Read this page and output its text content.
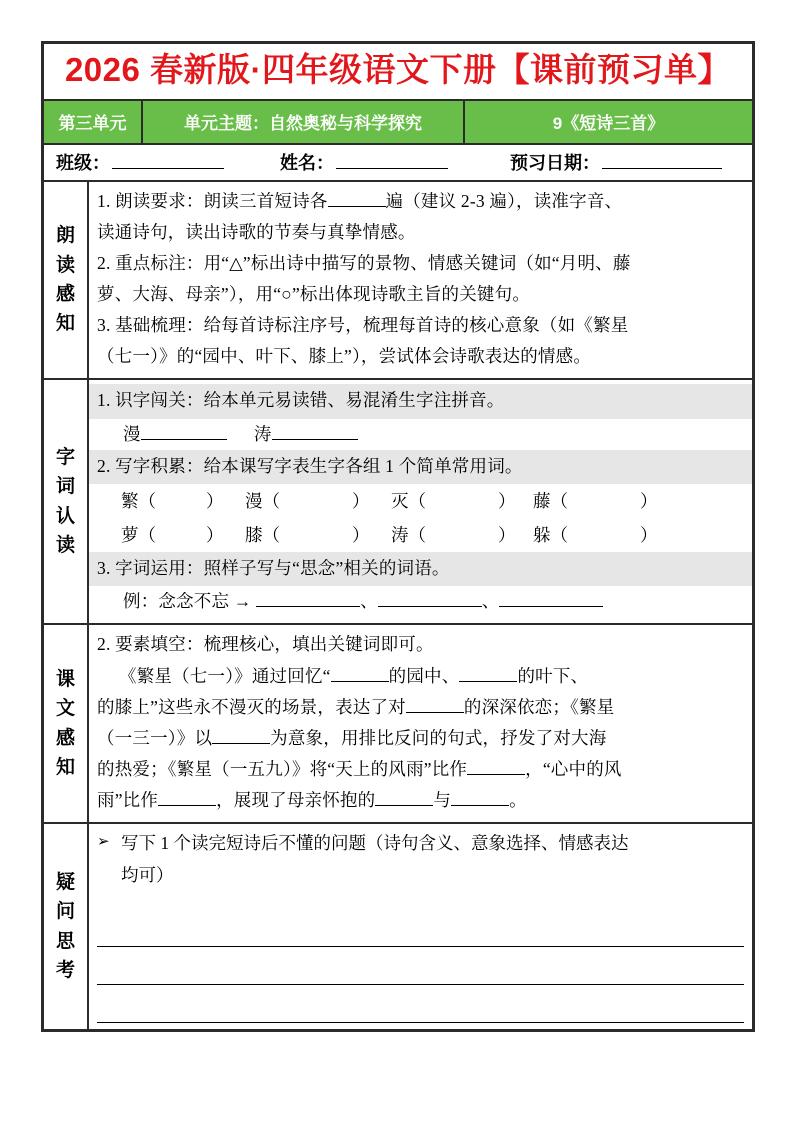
2026 春新版·四年级语文下册【课前预习单】
第三单元	单元主题：自然奥秘与科学探究	9《短诗三首》
班级：	姓名：	预习日期：
朗
读
感
知
1. 朗读要求：朗读三首短诗各	遍（建议 2-3 遍），读准字音、
读通诗句，读出诗歌的节奏与真挚情感。
2. 重点标注：用“△”标出诗中描写的景物、情感关键词（如“月明、藤
萝、大海、母亲”），用“○”标出体现诗歌主旨的关键句。
3. 基础梳理：给每首诗标注序号，梳理每首诗的核心意象（如《繁星
（七一）》的“园中、叶下、膝上”），尝试体会诗歌表达的情感。
字
词
认
读
1. 识字闯关：给本单元易读错、易混淆生字注拼音。
漫	涛
2. 写字积累：给本课写字表生字各组 1 个简单常用词。
繁（	） 漫（	） 灭（	） 藤（	）
萝（	） 膝（	） 涛（	） 躲（	）
3. 字词运用：照样子写与“思念”相关的词语。
例：念念不忘 →	、	、
课
文
感
知
2. 要素填空：梳理核心，填出关键词即可。
《繁星（七一）》通过回忆“	的园中、	的叶下、
的膝上”这些永不漫灭的场景，表达了对	的深深依恋；《繁星
（一三一）》以	为意象，用排比反问的句式，抒发了对大海
的热爱；《繁星（一五九）》将“天上的风雨”比作	，“心中的风
雨”比作	，展现了母亲怀抱的	与	。
疑
问
思
考
➢ 写下 1 个读完短诗后不懂的问题（诗句含义、意象选择、情感表达
均可）
